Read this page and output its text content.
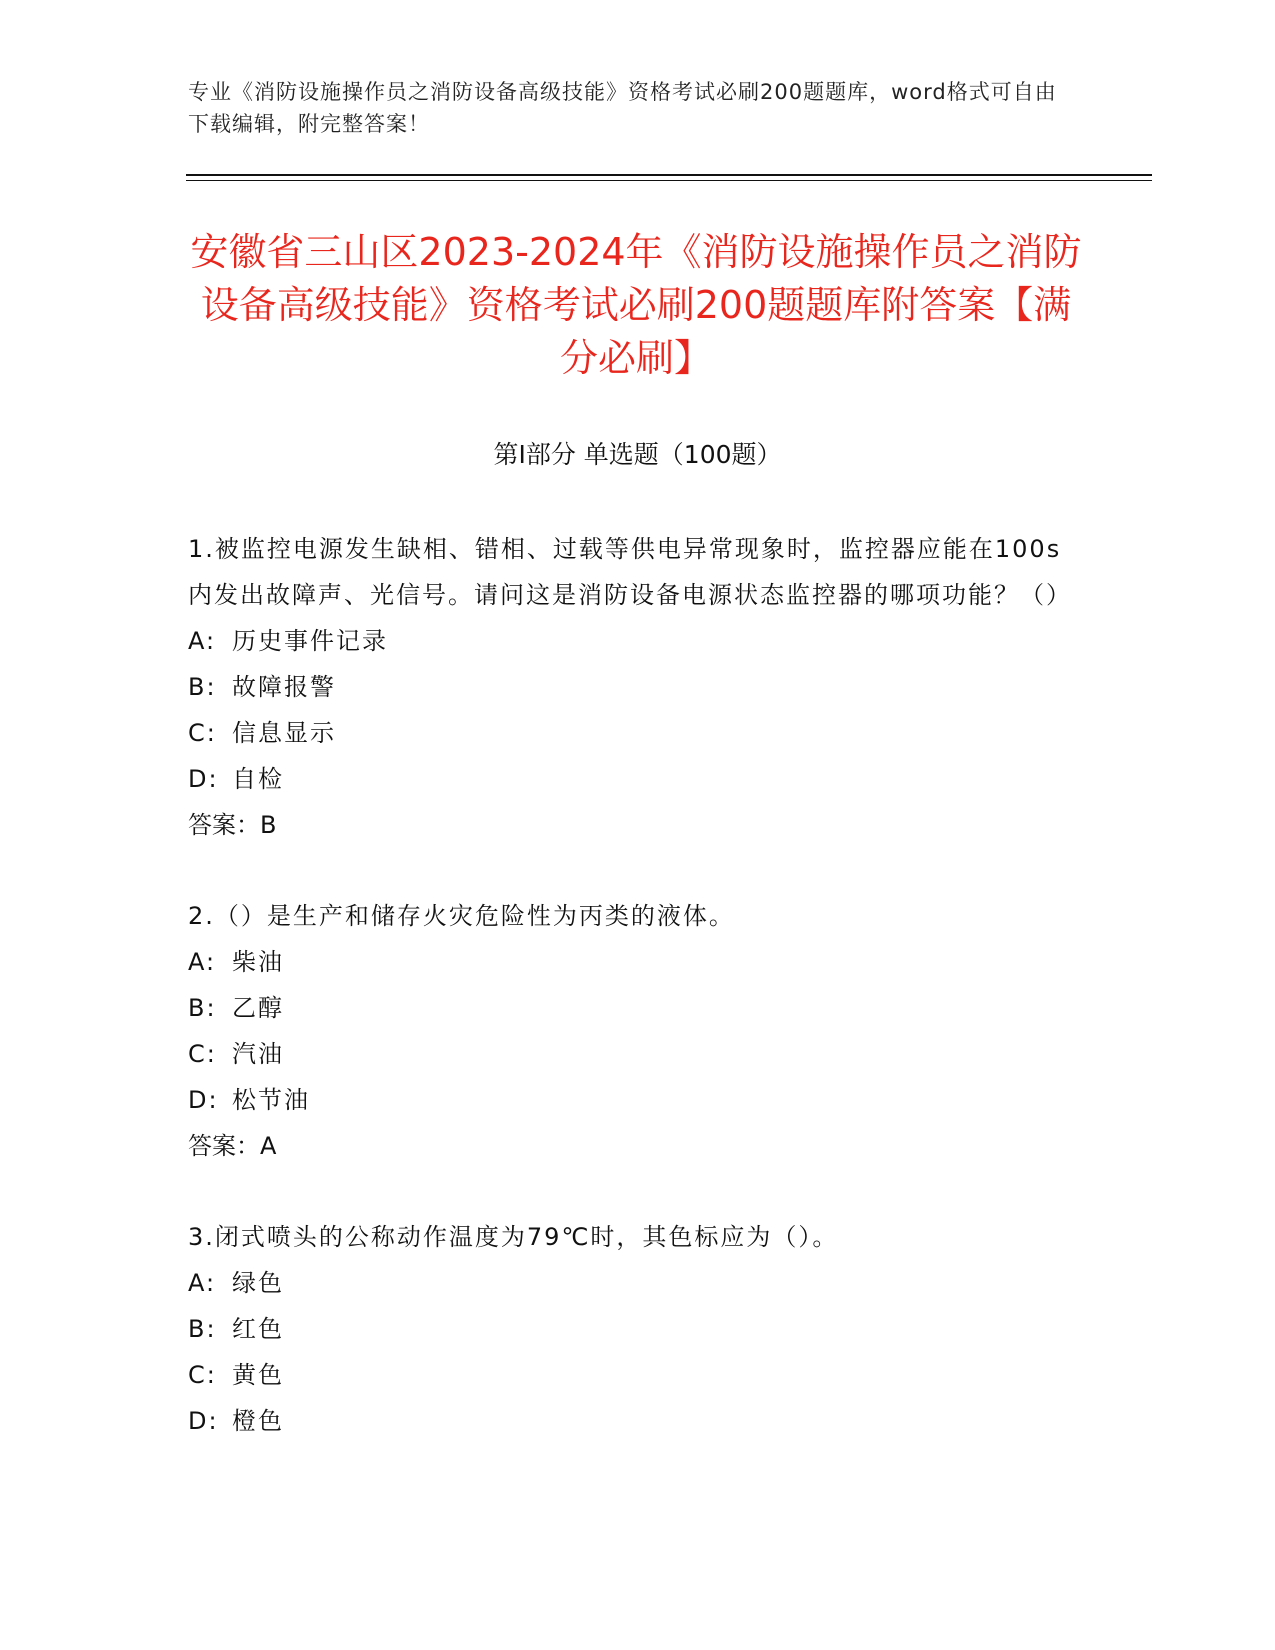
专业《消防设施操作员之消防设备高级技能》资格考试必刷200题题库，word格式可自由下载编辑，附完整答案！
安徽省三山区2023-2024年《消防设施操作员之消防设备高级技能》资格考试必刷200题题库附答案【满分必刷】
第Ⅰ部分 单选题（100题）
1.被监控电源发生缺相、错相、过载等供电异常现象时，监控器应能在100s内发出故障声、光信号。请问这是消防设备电源状态监控器的哪项功能？（）
A: 历史事件记录
B: 故障报警
C: 信息显示
D: 自检
答案：B
2.（）是生产和储存火灾危险性为丙类的液体。
A: 柴油
B: 乙醇
C: 汽油
D: 松节油
答案：A
3.闭式喷头的公称动作温度为79℃时，其色标应为（）。
A: 绿色
B: 红色
C: 黄色
D: 橙色
